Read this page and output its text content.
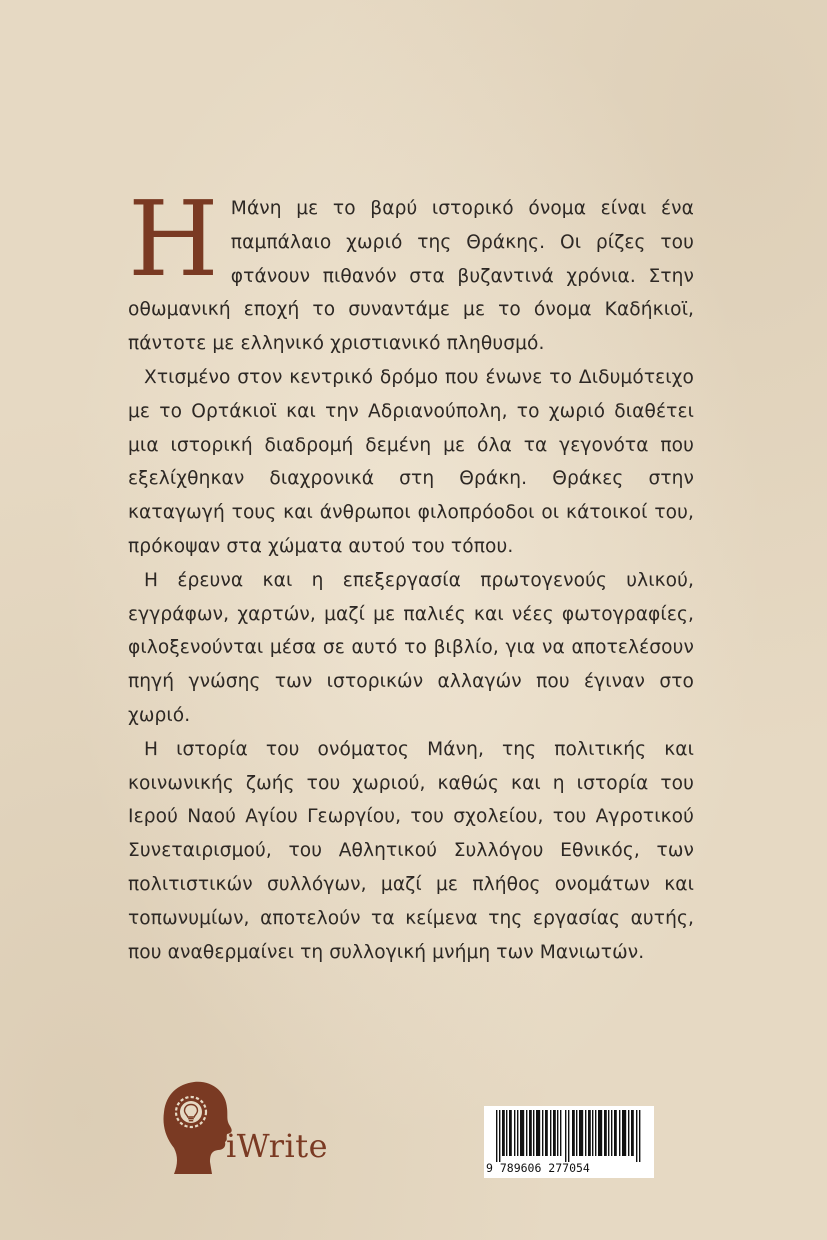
Η Μάνη με το βαρύ ιστορικό όνομα είναι ένα παμπάλαιο χωριό της Θράκης. Οι ρίζες του φτάνουν πιθανόν στα βυζαντινά χρόνια. Στην οθωμανική εποχή το συναντάμε με το όνομα Καδήκιοϊ, πάντοτε με ελληνικό χριστιανικό πληθυσμό.

Χτισμένο στον κεντρικό δρόμο που ένωνε το Διδυμότειχο με το Ορτάκιοϊ και την Αδριανούπολη, το χωριό διαθέτει μια ιστορική διαδρομή δεμένη με όλα τα γεγονότα που εξελίχθηκαν διαχρονικά στη Θράκη. Θράκες στην καταγωγή τους και άνθρωποι φιλοπρόοδοι οι κάτοικοί του, πρόκοψαν στα χώματα αυτού του τόπου.

Η έρευνα και η επεξεργασία πρωτογενούς υλικού, εγγράφων, χαρτών, μαζί με παλιές και νέες φωτογραφίες, φιλοξενούνται μέσα σε αυτό το βιβλίο, για να αποτελέσουν πηγή γνώσης των ιστορικών αλλαγών που έγιναν στο χωριό.

Η ιστορία του ονόματος Μάνη, της πολιτικής και κοινωνικής ζωής του χωριού, καθώς και η ιστορία του Ιερού Ναού Αγίου Γεωργίου, του σχολείου, του Αγροτικού Συνεταιρισμού, του Αθλητικού Συλλόγου Εθνικός, των πολιτιστικών συλλόγων, μαζί με πλήθος ονομάτων και τοπωνυμίων, αποτελούν τα κείμενα της εργασίας αυτής, που αναθερμαίνει τη συλλογική μνήμη των Μανιωτών.

iWrite
9 789606 277054
